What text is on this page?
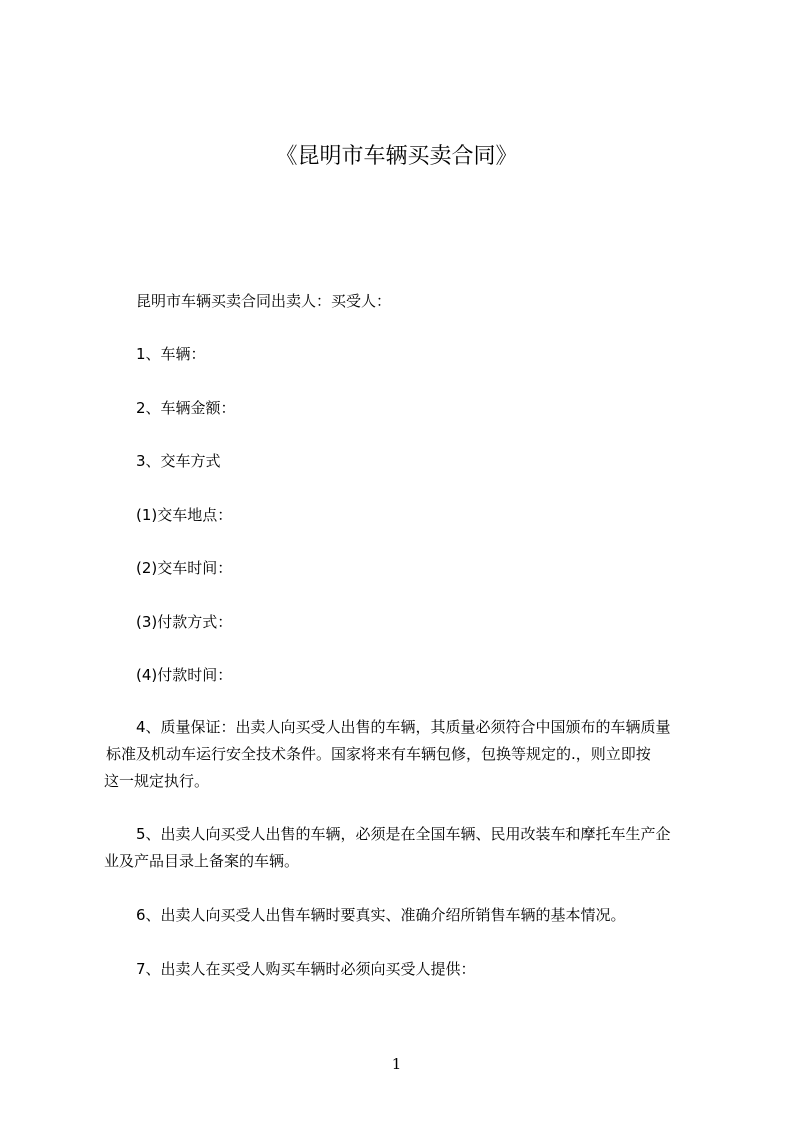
《昆明市车辆买卖合同》
昆明市车辆买卖合同出卖人：买受人：
1、车辆：
2、车辆金额：
3、交车方式
(1)交车地点：
(2)交车时间：
(3)付款方式：
(4)付款时间：
4、质量保证：出卖人向买受人出售的车辆，其质量必须符合中国颁布的车辆质量
标准及机动车运行安全技术条件。国家将来有车辆包修，包换等规定的.，则立即按
这一规定执行。
5、出卖人向买受人出售的车辆，必须是在全国车辆、民用改装车和摩托车生产企
业及产品目录上备案的车辆。
6、出卖人向买受人出售车辆时要真实、准确介绍所销售车辆的基本情况。
7、出卖人在买受人购买车辆时必须向买受人提供：
1
